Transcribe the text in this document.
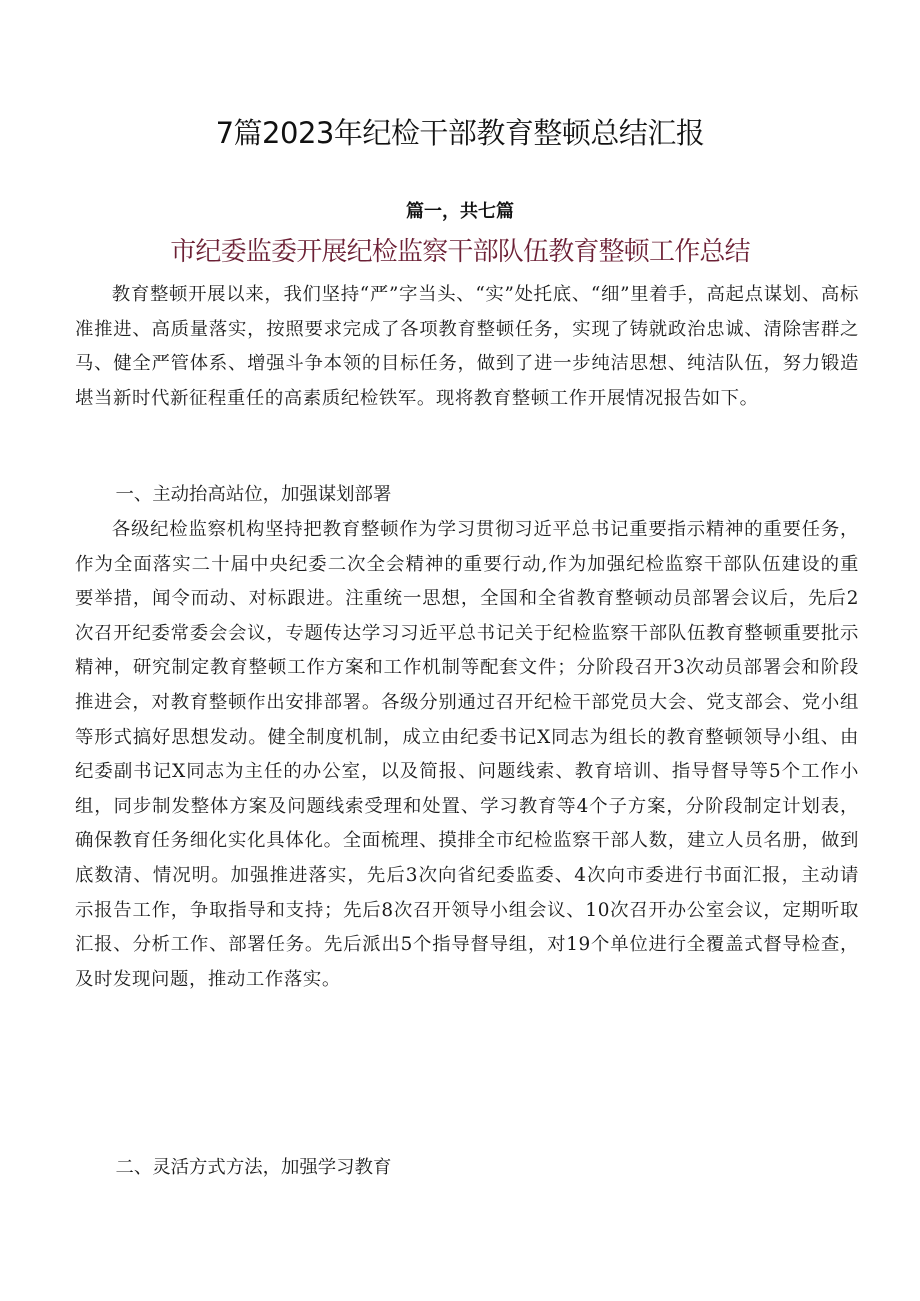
7篇2023年纪检干部教育整顿总结汇报
篇一，共七篇
市纪委监委开展纪检监察干部队伍教育整顿工作总结

教育整顿开展以来，我们坚持“严”字当头、“实”处托底、“细”里着手，高起点谋划、高标准推进、高质量落实，按照要求完成了各项教育整顿任务，实现了铸就政治忠诚、清除害群之马、健全严管体系、增强斗争本领的目标任务，做到了进一步纯洁思想、纯洁队伍，努力锻造堪当新时代新征程重任的高素质纪检铁军。现将教育整顿工作开展情况报告如下。

一、主动抬高站位，加强谋划部署

各级纪检监察机构坚持把教育整顿作为学习贯彻习近平总书记重要指示精神的重要任务，作为全面落实二十届中央纪委二次全会精神的重要行动,作为加强纪检监察干部队伍建设的重要举措，闻令而动、对标跟进。注重统一思想，全国和全省教育整顿动员部署会议后，先后2次召开纪委常委会会议，专题传达学习习近平总书记关于纪检监察干部队伍教育整顿重要批示精神，研究制定教育整顿工作方案和工作机制等配套文件；分阶段召开3次动员部署会和阶段推进会，对教育整顿作出安排部署。各级分别通过召开纪检干部党员大会、党支部会、党小组等形式搞好思想发动。健全制度机制，成立由纪委书记X同志为组长的教育整顿领导小组、由纪委副书记X同志为主任的办公室，以及简报、问题线索、教育培训、指导督导等5个工作小组，同步制发整体方案及问题线索受理和处置、学习教育等4个子方案，分阶段制定计划表，确保教育任务细化实化具体化。全面梳理、摸排全市纪检监察干部人数，建立人员名册，做到底数清、情况明。加强推进落实，先后3次向省纪委监委、4次向市委进行书面汇报，主动请示报告工作，争取指导和支持；先后8次召开领导小组会议、10次召开办公室会议，定期听取汇报、分析工作、部署任务。先后派出5个指导督导组，对19个单位进行全覆盖式督导检查，及时发现问题，推动工作落实。

二、灵活方式方法，加强学习教育
